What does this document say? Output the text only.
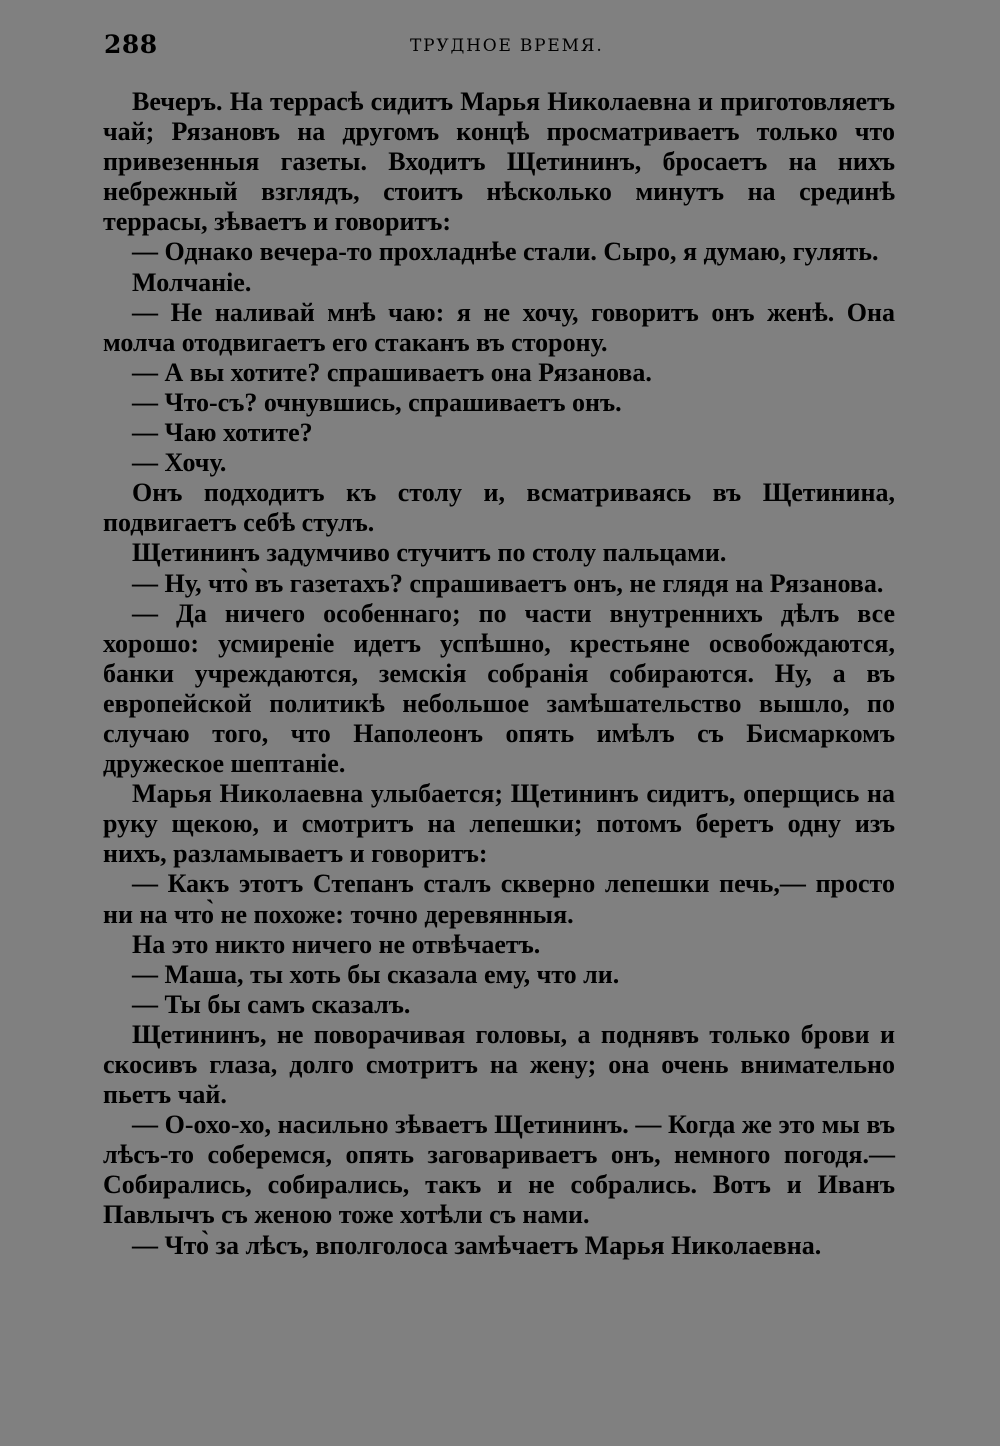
288	ТРУДНОЕ ВРЕМЯ.

Вечеръ. На террасѣ сидитъ Марья Николаевна и приготовляетъ чай; Рязановъ на другомъ концѣ просматриваетъ только что привезенныя газеты. Входитъ Щетининъ, бросаетъ на нихъ небрежный взглядъ, стоитъ нѣсколько минутъ на срединѣ террасы, зѣваетъ и говоритъ:

— Однако вечера-то прохладнѣе стали. Сыро, я думаю, гулять.

Молчаніе.

— Не наливай мнѣ чаю: я не хочу, говоритъ онъ женѣ. Она молча отодвигаетъ его стаканъ въ сторону.

— А вы хотите? спрашиваетъ она Рязанова.

— Что-съ? очнувшись, спрашиваетъ онъ.

— Чаю хотите?

— Хочу.

Онъ подходитъ къ столу и, всматриваясь въ Щетинина, подвигаетъ себѣ стулъ.

Щетининъ задумчиво стучитъ по столу пальцами.

— Ну, что̀ въ газетахъ? спрашиваетъ онъ, не глядя на Рязанова.

— Да ничего особеннаго; по части внутреннихъ дѣлъ все хорошо: усмиреніе идетъ успѣшно, крестьяне освобождаются, банки учреждаются, земскія собранія собираются. Ну, а въ европейской политикѣ небольшое замѣшательство вышло, по случаю того, что Наполеонъ опять имѣлъ съ Бисмаркомъ дружеское шептаніе.

Марья Николаевна улыбается; Щетининъ сидитъ, оперщись на руку щекою, и смотритъ на лепешки; потомъ беретъ одну изъ нихъ, разламываетъ и говоритъ:

— Какъ этотъ Степанъ сталъ скверно лепешки печь,— просто ни на что̀ не похоже: точно деревянныя.

На это никто ничего не отвѣчаетъ.

— Маша, ты хоть бы сказала ему, что ли.

— Ты бы самъ сказалъ.

Щетининъ, не поворачивая головы, а поднявъ только брови и скосивъ глаза, долго смотритъ на жену; она очень внимательно пьетъ чай.

— О-охо-хо, насильно зѣваетъ Щетининъ. — Когда же это мы въ лѣсъ-то соберемся, опять заговариваетъ онъ, немного погодя.—Собирались, собирались, такъ и не собрались. Вотъ и Иванъ Павлычъ съ женою тоже хотѣли съ нами.

— Что̀ за лѣсъ, вполголоса замѣчаетъ Марья Николаевна.
